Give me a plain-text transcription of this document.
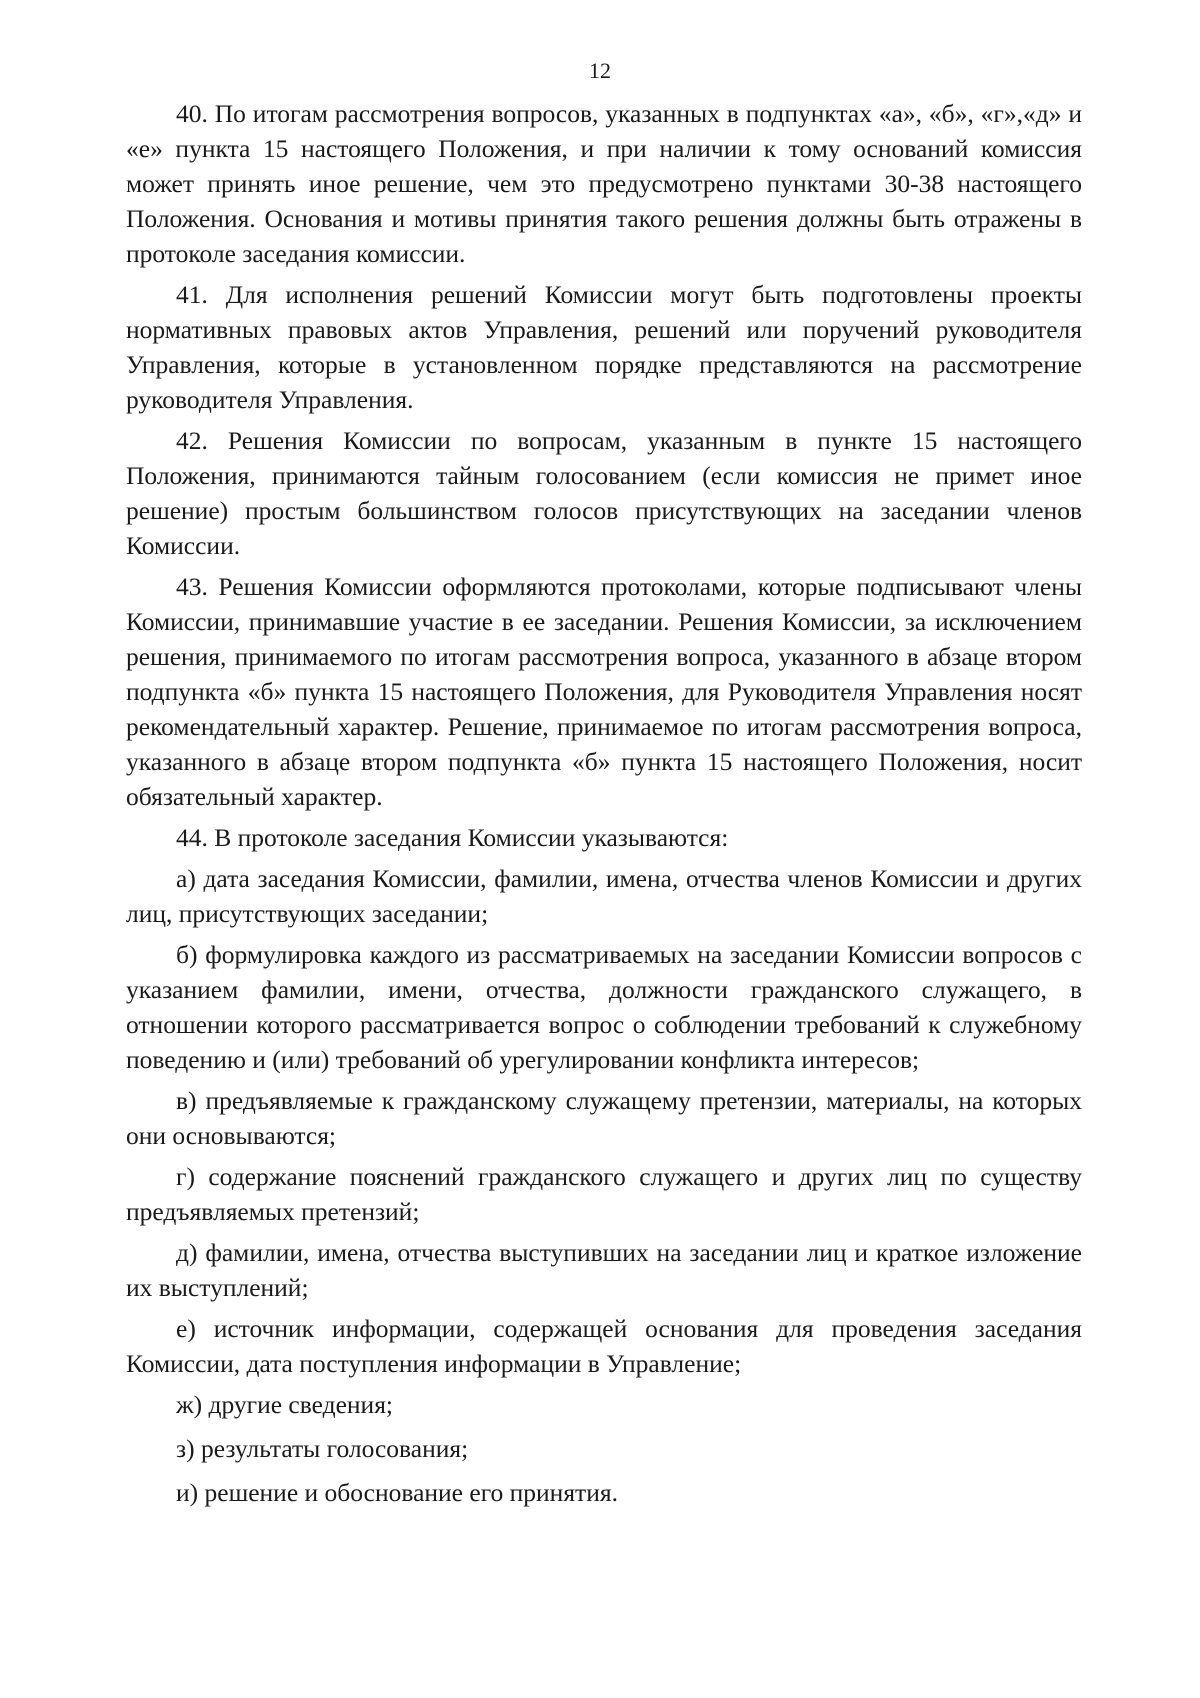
12

40. По итогам рассмотрения вопросов, указанных в подпунктах «а», «б», «г»,«д» и «е» пункта 15 настоящего Положения, и при наличии к тому оснований комиссия может принять иное решение, чем это предусмотрено пунктами 30-38 настоящего Положения. Основания и мотивы принятия такого решения должны быть отражены в протоколе заседания комиссии.

41. Для исполнения решений Комиссии могут быть подготовлены проекты нормативных правовых актов Управления, решений или поручений руководителя Управления, которые в установленном порядке представляются на рассмотрение руководителя Управления.

42. Решения Комиссии по вопросам, указанным в пункте 15 настоящего Положения, принимаются тайным голосованием (если комиссия не примет иное решение) простым большинством голосов присутствующих на заседании членов Комиссии.

43. Решения Комиссии оформляются протоколами, которые подписывают члены Комиссии, принимавшие участие в ее заседании. Решения Комиссии, за исключением решения, принимаемого по итогам рассмотрения вопроса, указанного в абзаце втором подпункта «б» пункта 15 настоящего Положения, для Руководителя Управления носят рекомендательный характер. Решение, принимаемое по итогам рассмотрения вопроса, указанного в абзаце втором подпункта «б» пункта 15 настоящего Положения, носит обязательный характер.

44. В протоколе заседания Комиссии указываются:

а) дата заседания Комиссии, фамилии, имена, отчества членов Комиссии и других лиц, присутствующих заседании;

б) формулировка каждого из рассматриваемых на заседании Комиссии вопросов с указанием фамилии, имени, отчества, должности гражданского служащего, в отношении которого рассматривается вопрос о соблюдении требований к служебному поведению и (или) требований об урегулировании конфликта интересов;

в) предъявляемые к гражданскому служащему претензии, материалы, на которых они основываются;

г) содержание пояснений гражданского служащего и других лиц по существу предъявляемых претензий;

д) фамилии, имена, отчества выступивших на заседании лиц и краткое изложение их выступлений;

е) источник информации, содержащей основания для проведения заседания Комиссии, дата поступления информации в Управление;

ж) другие сведения;

з) результаты голосования;

и) решение и обоснование его принятия.
